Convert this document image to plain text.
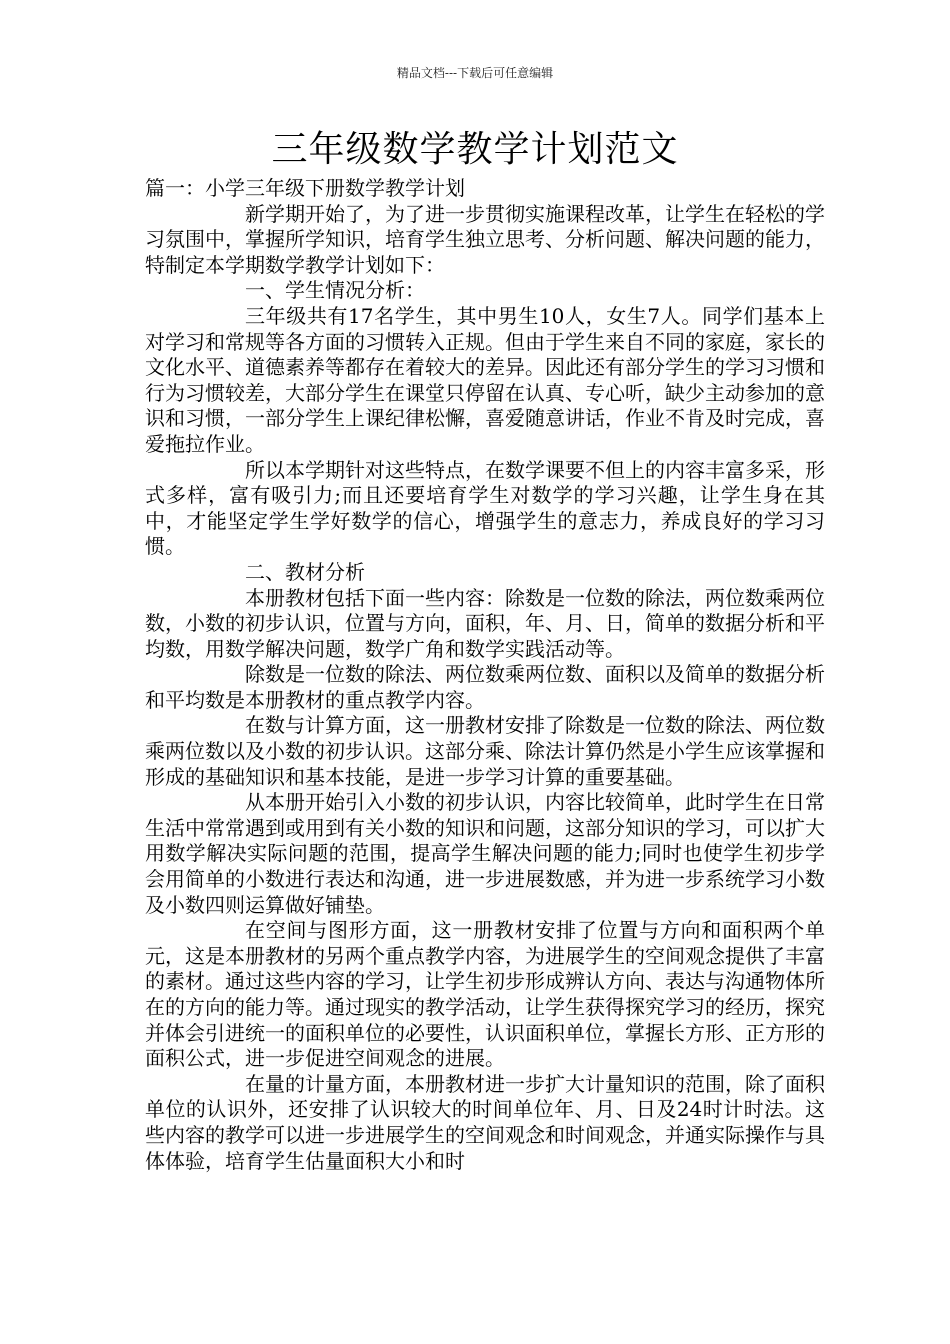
精品文档---下载后可任意编辑
三年级数学教学计划范文

篇一：小学三年级下册数学教学计划

新学期开始了，为了进一步贯彻实施课程改革，让学生在轻松的学习氛围中，掌握所学知识，培育学生独立思考、分析问题、解决问题的能力，特制定本学期数学教学计划如下：

一、学生情况分析：

三年级共有17名学生，其中男生10人，女生7人。同学们基本上对学习和常规等各方面的习惯转入正规。但由于学生来自不同的家庭，家长的文化水平、道德素养等都存在着较大的差异。因此还有部分学生的学习习惯和行为习惯较差，大部分学生在课堂只停留在认真、专心听，缺少主动参加的意识和习惯，一部分学生上课纪律松懈，喜爱随意讲话，作业不肯及时完成，喜爱拖拉作业。

所以本学期针对这些特点，在数学课要不但上的内容丰富多采，形式多样，富有吸引力;而且还要培育学生对数学的学习兴趣，让学生身在其中，才能坚定学生学好数学的信心，增强学生的意志力，养成良好的学习习惯。

二、教材分析

本册教材包括下面一些内容：除数是一位数的除法，两位数乘两位数，小数的初步认识，位置与方向，面积，年、月、日，简单的数据分析和平均数，用数学解决问题，数学广角和数学实践活动等。

除数是一位数的除法、两位数乘两位数、面积以及简单的数据分析和平均数是本册教材的重点教学内容。

在数与计算方面，这一册教材安排了除数是一位数的除法、两位数乘两位数以及小数的初步认识。这部分乘、除法计算仍然是小学生应该掌握和形成的基础知识和基本技能，是进一步学习计算的重要基础。

从本册开始引入小数的初步认识，内容比较简单，此时学生在日常生活中常常遇到或用到有关小数的知识和问题，这部分知识的学习，可以扩大用数学解决实际问题的范围，提高学生解决问题的能力;同时也使学生初步学会用简单的小数进行表达和沟通，进一步进展数感，并为进一步系统学习小数及小数四则运算做好铺垫。

在空间与图形方面，这一册教材安排了位置与方向和面积两个单元，这是本册教材的另两个重点教学内容，为进展学生的空间观念提供了丰富的素材。通过这些内容的学习，让学生初步形成辨认方向、表达与沟通物体所在的方向的能力等。通过现实的教学活动，让学生获得探究学习的经历，探究并体会引进统一的面积单位的必要性，认识面积单位，掌握长方形、正方形的面积公式，进一步促进空间观念的进展。

在量的计量方面，本册教材进一步扩大计量知识的范围，除了面积单位的认识外，还安排了认识较大的时间单位年、月、日及24时计时法。这些内容的教学可以进一步进展学生的空间观念和时间观念，并通实际操作与具体体验，培育学生估量面积大小和时
